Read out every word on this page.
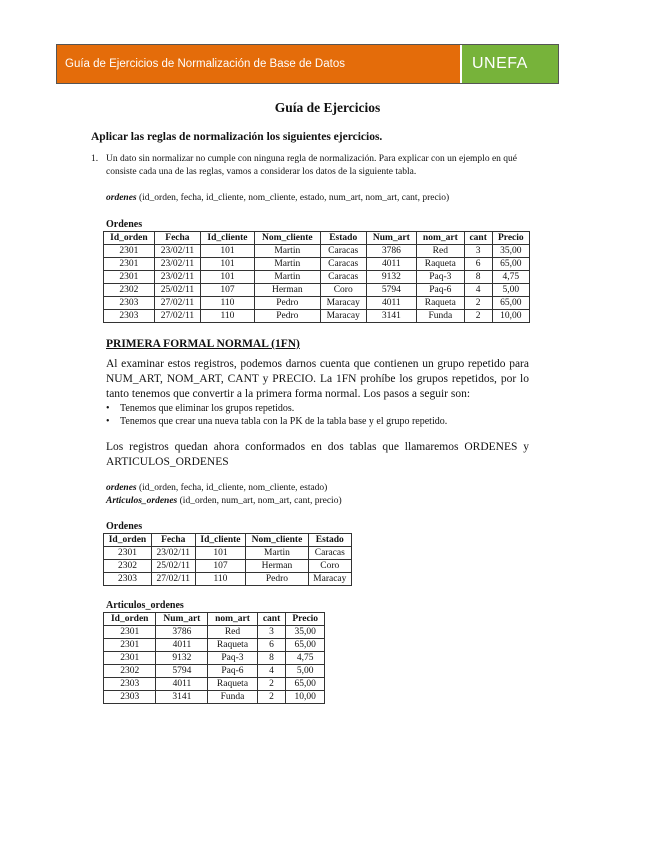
Guía de Ejercicios de Normalización de Base de Datos	UNEFA
Guía de Ejercicios
Aplicar las reglas de normalización los siguientes ejercicios.
1. Un dato sin normalizar no cumple con ninguna regla de normalización. Para explicar con un ejemplo en qué consiste cada una de las reglas, vamos a considerar los datos de la siguiente tabla.
ordenes (id_orden, fecha, id_cliente, nom_cliente, estado, num_art, nom_art, cant, precio)
Ordenes
Id_orden	Fecha	Id_cliente	Nom_cliente	Estado	Num_art	nom_art	cant	Precio
2301	23/02/11	101	Martin	Caracas	3786	Red	3	35,00
2301	23/02/11	101	Martin	Caracas	4011	Raqueta	6	65,00
2301	23/02/11	101	Martin	Caracas	9132	Paq-3	8	4,75
2302	25/02/11	107	Herman	Coro	5794	Paq-6	4	5,00
2303	27/02/11	110	Pedro	Maracay	4011	Raqueta	2	65,00
2303	27/02/11	110	Pedro	Maracay	3141	Funda	2	10,00
PRIMERA FORMAL NORMAL (1FN)
Al examinar estos registros, podemos darnos cuenta que contienen un grupo repetido para NUM_ART, NOM_ART, CANT y PRECIO. La 1FN prohíbe los grupos repetidos, por lo tanto tenemos que convertir a la primera forma normal. Los pasos a seguir son:
•	Tenemos que eliminar los grupos repetidos.
•	Tenemos que crear una nueva tabla con la PK de la tabla base y el grupo repetido.
Los registros quedan ahora conformados en dos tablas que llamaremos ORDENES y ARTICULOS_ORDENES
ordenes (id_orden, fecha, id_cliente, nom_cliente, estado)
Articulos_ordenes (id_orden, num_art, nom_art, cant, precio)
Ordenes
Id_orden	Fecha	Id_cliente	Nom_cliente	Estado
2301	23/02/11	101	Martin	Caracas
2302	25/02/11	107	Herman	Coro
2303	27/02/11	110	Pedro	Maracay
Articulos_ordenes
Id_orden	Num_art	nom_art	cant	Precio
2301	3786	Red	3	35,00
2301	4011	Raqueta	6	65,00
2301	9132	Paq-3	8	4,75
2302	5794	Paq-6	4	5,00
2303	4011	Raqueta	2	65,00
2303	3141	Funda	2	10,00
